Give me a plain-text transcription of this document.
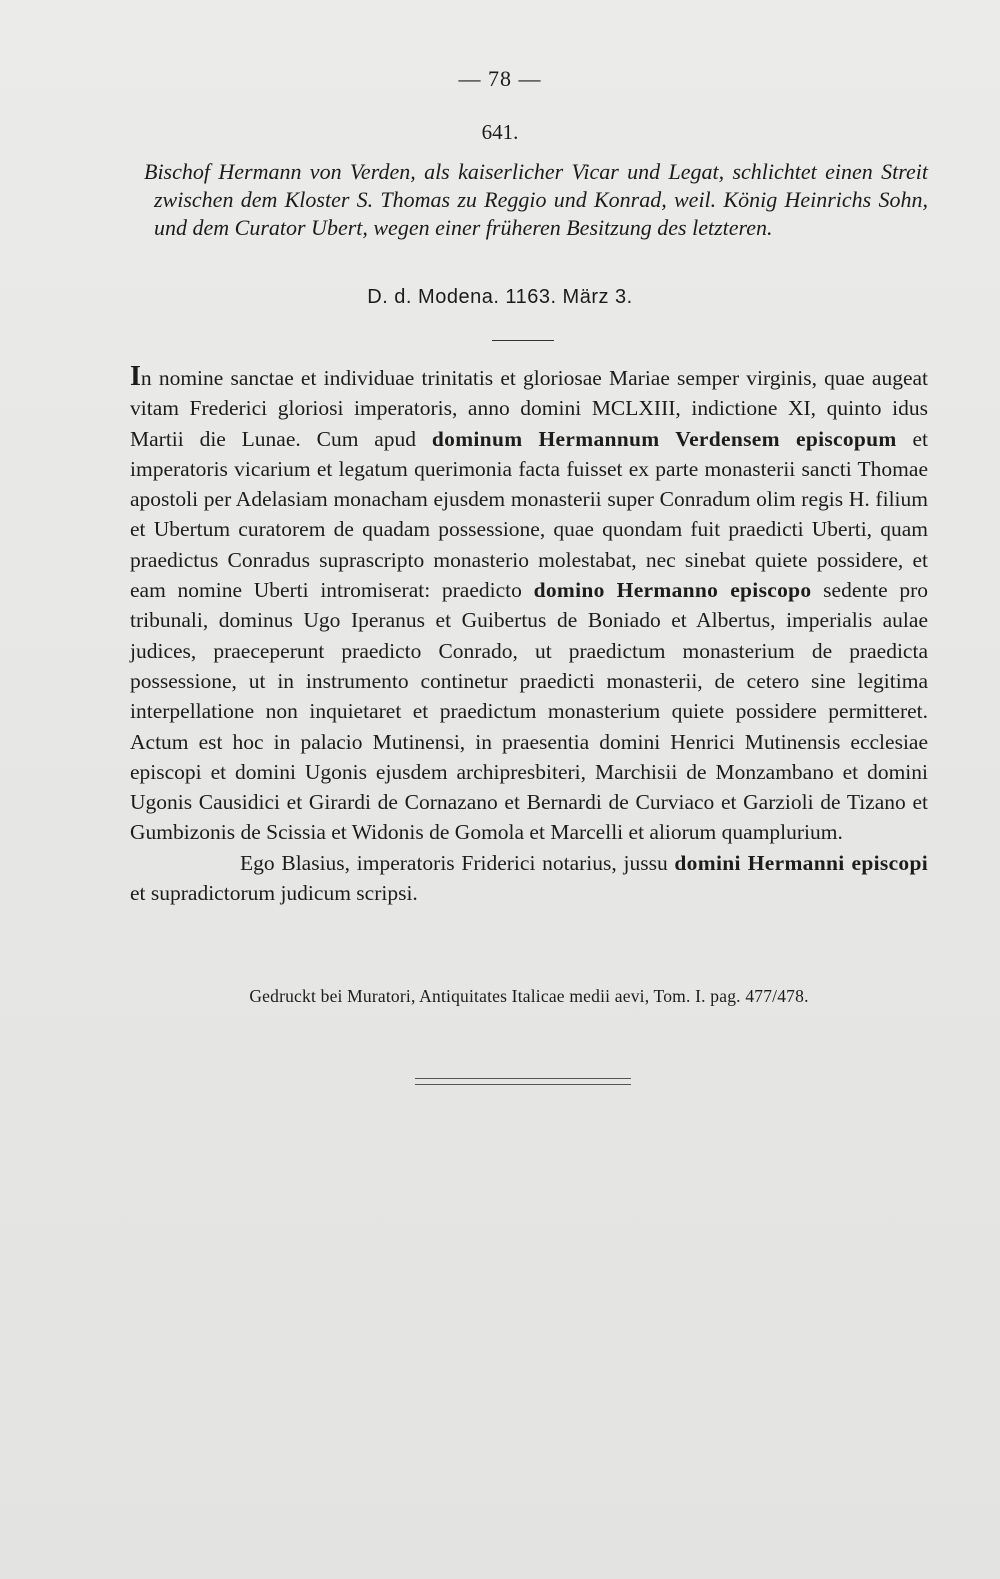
— 78 —
641.

Bischof Hermann von Verden, als kaiserlicher Vicar und Legat, schlichtet einen Streit zwischen dem Kloster S. Thomas zu Reggio und Konrad, weil. König Heinrichs Sohn, und dem Curator Ubert, wegen einer früheren Besitzung des letzteren.

D. d. Modena. 1163. März 3.

In nomine sanctae et individuae trinitatis et gloriosae Mariae semper virginis, quae augeat vitam Frederici gloriosi imperatoris, anno domini MCLXIII, indictione XI, quinto idus Martii die Lunae. Cum apud dominum Hermannum Verdensem episcopum et imperatoris vicarium et legatum querimonia facta fuisset ex parte monasterii sancti Thomae apostoli per Adelasiam monacham ejusdem monasterii super Conradum olim regis H. filium et Ubertum curatorem de quadam possessione, quae quondam fuit praedicti Uberti, quam praedictus Conradus suprascripto monasterio molestabat, nec sinebat quiete possidere, et eam nomine Uberti intromiserat: praedicto domino Hermanno episcopo sedente pro tribunali, dominus Ugo Iperanus et Guibertus de Boniado et Albertus, imperialis aulae judices, praeceperunt praedicto Conrado, ut praedictum monasterium de praedicta possessione, ut in instrumento continetur praedicti monasterii, de cetero sine legitima interpellatione non inquietaret et praedictum monasterium quiete possidere permitteret. Actum est hoc in palacio Mutinensi, in praesentia domini Henrici Mutinensis ecclesiae episcopi et domini Ugonis ejusdem archipresbiteri, Marchisii de Monzambano et domini Ugonis Causidici et Girardi de Cornazano et Bernardi de Curviaco et Garzioli de Tizano et Gumbizonis de Scissia et Widonis de Gomola et Marcelli et aliorum quamplurium.

Ego Blasius, imperatoris Friderici notarius, jussu domini Hermanni episcopi et supradictorum judicum scripsi.

Gedruckt bei Muratori, Antiquitates Italicae medii aevi, Tom. I. pag. 477/478.
